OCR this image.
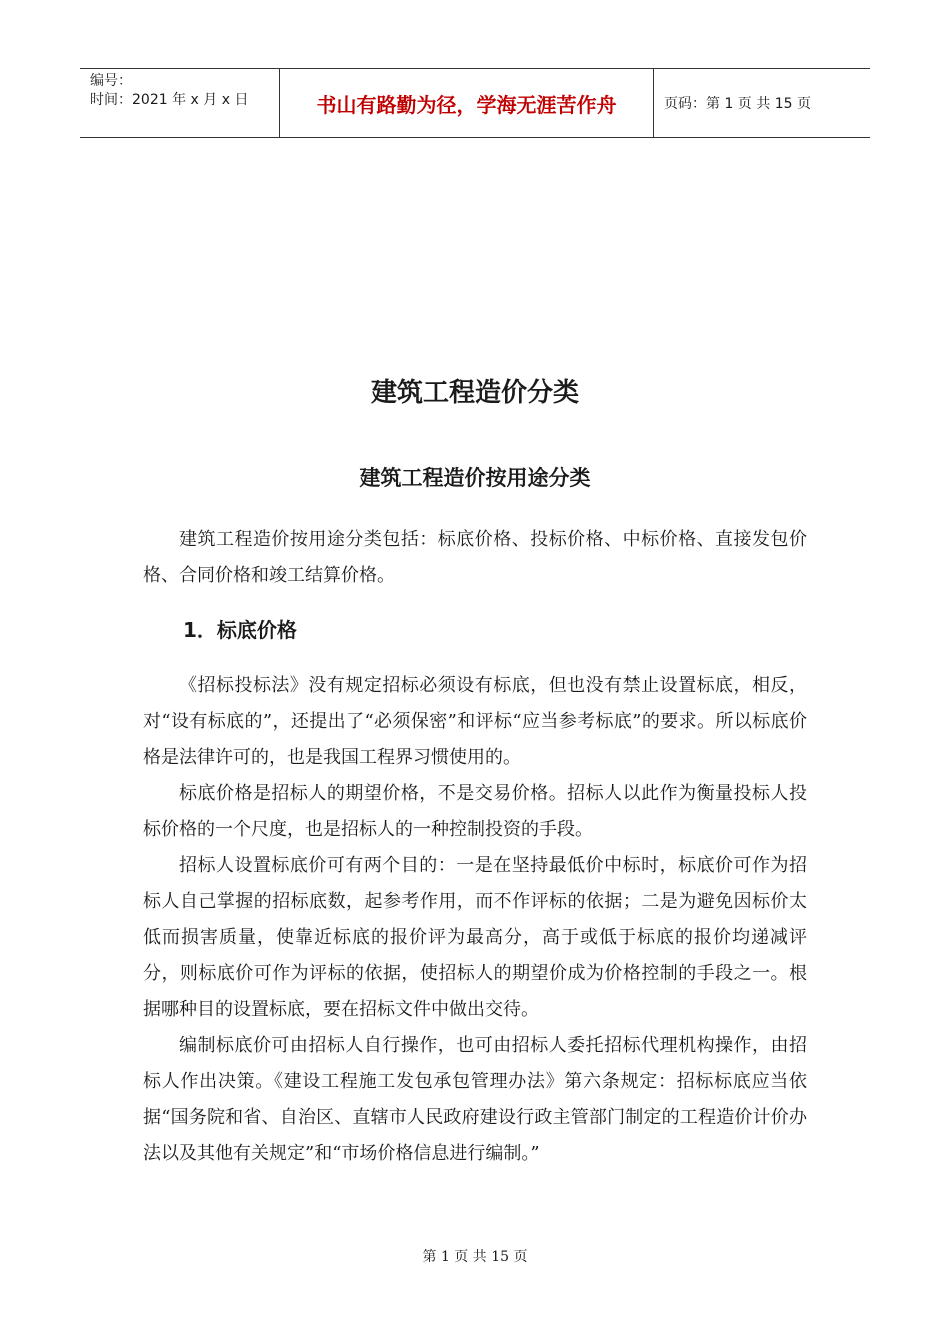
编号：
时间：2021 年 x 月 x 日	书山有路勤为径，学海无涯苦作舟	页码：第 1 页 共 15 页
建筑工程造价分类
建筑工程造价按用途分类

建筑工程造价按用途分类包括：标底价格、投标价格、中标价格、直接发包价格、合同价格和竣工结算价格。

1．标底价格

《招标投标法》没有规定招标必须设有标底，但也没有禁止设置标底，相反，对“设有标底的”，还提出了“必须保密”和评标“应当参考标底”的要求。所以标底价格是法律许可的，也是我国工程界习惯使用的。

标底价格是招标人的期望价格，不是交易价格。招标人以此作为衡量投标人投标价格的一个尺度，也是招标人的一种控制投资的手段。

招标人设置标底价可有两个目的：一是在坚持最低价中标时，标底价可作为招标人自己掌握的招标底数，起参考作用，而不作评标的依据；二是为避免因标价太低而损害质量，使靠近标底的报价评为最高分，高于或低于标底的报价均递减评分，则标底价可作为评标的依据，使招标人的期望价成为价格控制的手段之一。根据哪种目的设置标底，要在招标文件中做出交待。

编制标底价可由招标人自行操作，也可由招标人委托招标代理机构操作，由招标人作出决策。《建设工程施工发包承包管理办法》第六条规定：招标标底应当依据“国务院和省、自治区、直辖市人民政府建设行政主管部门制定的工程造价计价办法以及其他有关规定”和“市场价格信息进行编制。”

第 1 页 共 15 页
